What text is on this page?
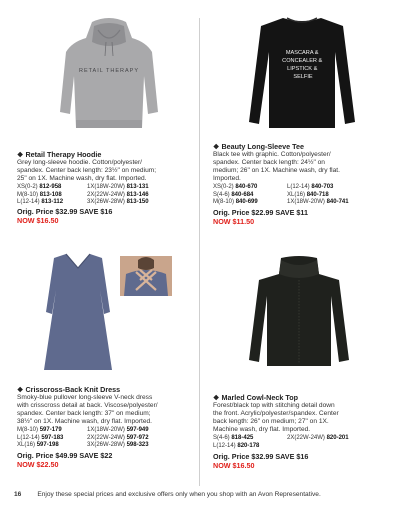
RETAIL THERAPY
❖ Retail Therapy Hoodie
Grey long-sleeve hoodie. Cotton/polyester/
spandex. Center back length: 23½" on medium;
25" on 1X. Machine wash, dry flat. Imported.
XS(0-2) 812-958	1X(18W-20W) 813-131
M(8-10) 813-108	2X(22W-24W) 813-146
L(12-14) 813-112	3X(26W-28W) 813-150
Orig. Price $32.99 SAVE $16
NOW $16.50
MASCARA & CONCEALER & LIPSTICK & SELFIE
❖ Beauty Long-Sleeve Tee
Black tee with graphic. Cotton/polyester/
spandex. Center back length: 24½" on
medium; 26" on 1X. Machine wash, dry flat.
Imported.
XS(0-2) 840-670	L(12-14) 840-703
S(4-6) 840-684	XL(16) 840-718
M(8-10) 840-699	1X(18W-20W) 840-741
Orig. Price $22.99 SAVE $11
NOW $11.50
❖ Crisscross-Back Knit Dress
Smoky-blue pullover long-sleeve V-neck dress
with crisscross detail at back. Viscose/polyester/
spandex. Center back length: 37" on medium;
38½" on 1X. Machine wash, dry flat. Imported.
M(8-10) 597-179	1X(18W-20W) 597-949
L(12-14) 597-183	2X(22W-24W) 597-972
XL(16) 597-198	3X(26W-28W) 598-323
Orig. Price $49.99 SAVE $22
NOW $22.50
❖ Marled Cowl-Neck Top
Forest/black top with stitching detail down
the front. Acrylic/polyester/spandex. Center
back length: 26" on medium; 27" on 1X.
Machine wash, dry flat. Imported.
S(4-6) 818-425	2X(22W-24W) 820-201
L(12-14) 820-178
Orig. Price $32.99 SAVE $16
NOW $16.50
16 Enjoy these special prices and exclusive offers only when you shop with an Avon Representative.
